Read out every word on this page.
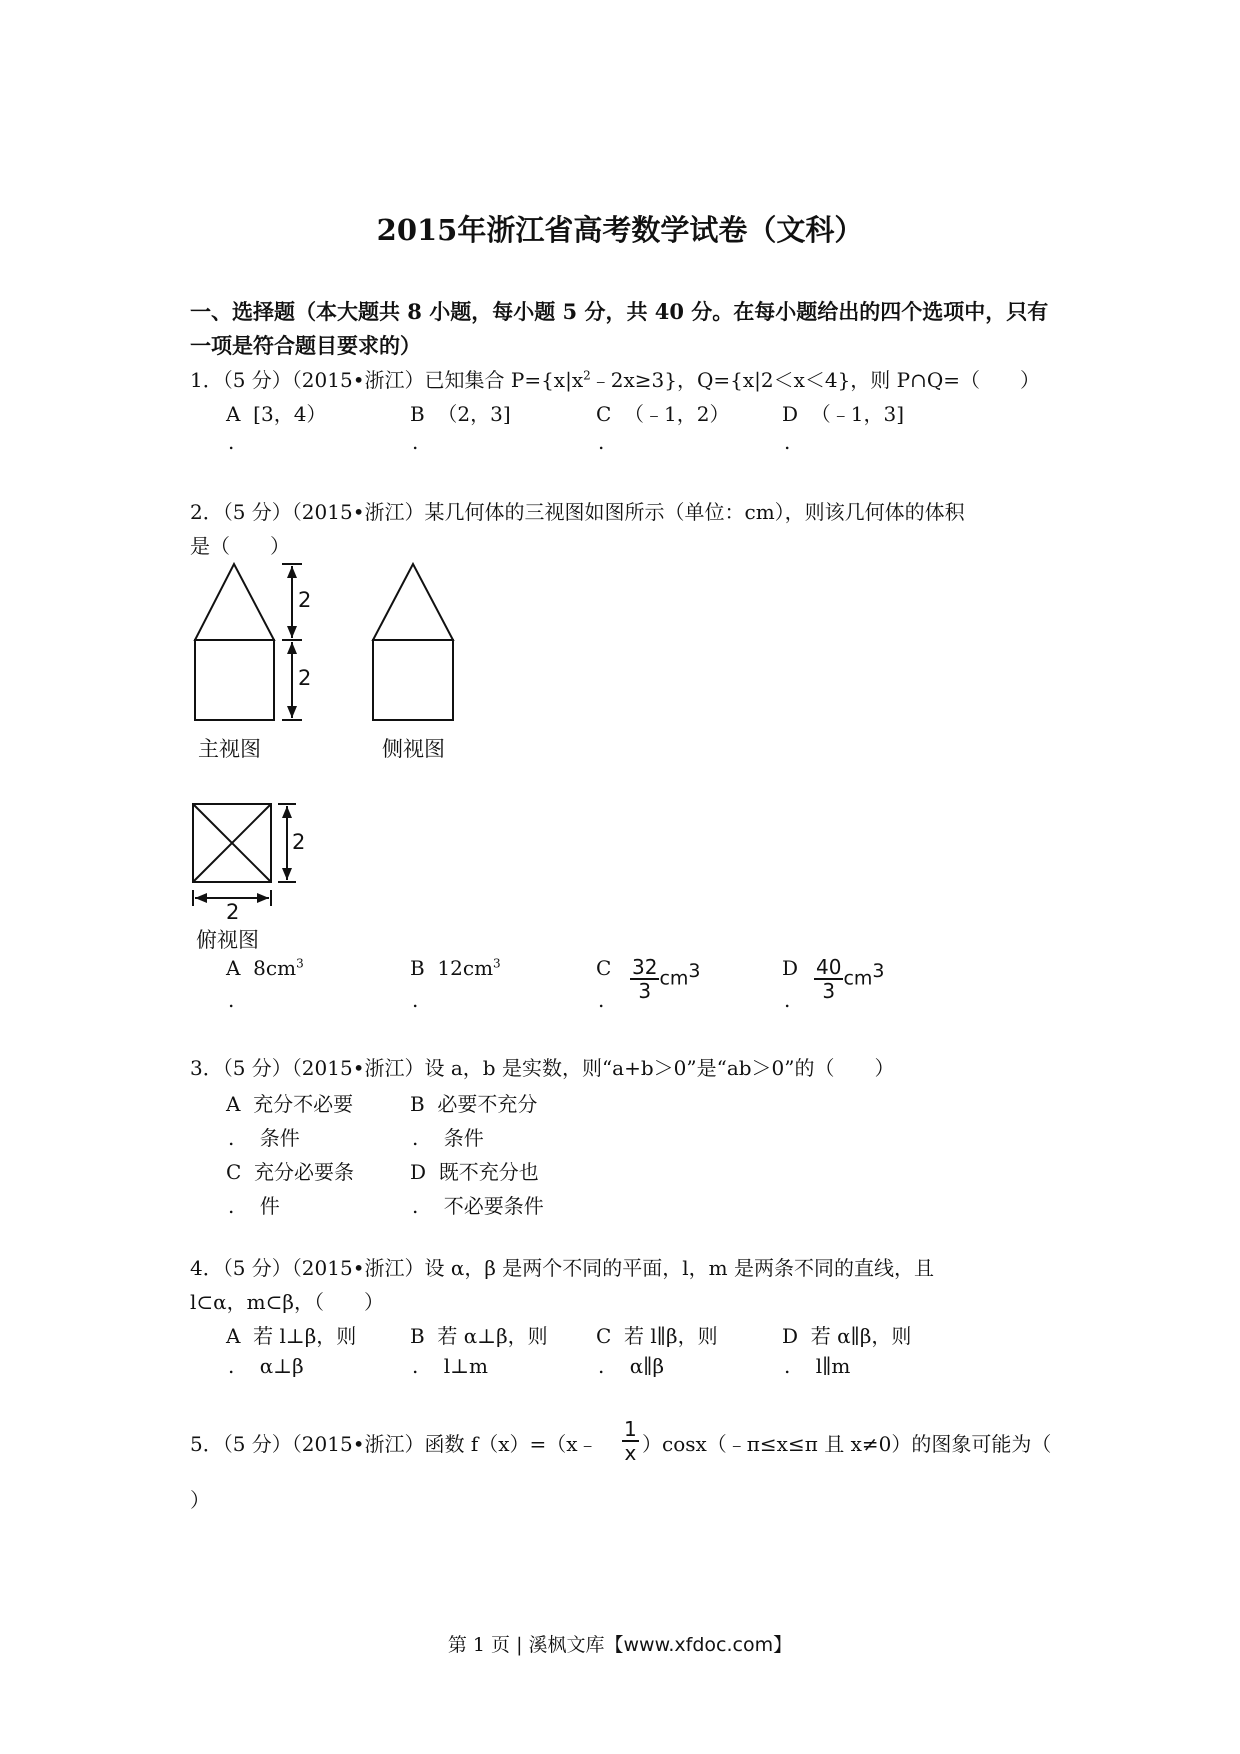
2015年浙江省高考数学试卷（文科）
一、选择题（本大题共 8 小题，每小题 5 分，共 40 分。在每小题给出的四个选项中，只有
一项是符合题目要求的）
1．（5 分）（2015•浙江）已知集合 $P=\{x|x^2﹣2x\ge 3\}$，Q={x|2＜x＜4}，则 P∩Q=（　　）
A [3，4）	B （2，3]	C （﹣1，2）	D （﹣1，3]
.	.	.	.
2．（5 分）（2015•浙江）某几何体的三视图如图所示（单位：cm），则该几何体的体积
是（　　）
2
2
2
2
主视图	侧视图
俯视图
A $8cm^3$	B $12cm^3$	C $\frac{32}{3} cm^3$	D $\frac{40}{3} cm^3$
.	.	.	.
3．（5 分）（2015•浙江）设 a，b 是实数，则“a+b＞0”是“ab＞0”的（　　）
A 充分不必要
. 条件
B 必要不充分
. 条件
C 充分必要条
. 件
D 既不充分也
. 不必要条件
4．（5 分）（2015•浙江）设 α，β 是两个不同的平面，l，m 是两条不同的直线，且
l⊂α，m⊂β，（　　）
A 若 l⊥β，则
. α⊥β
B 若 α⊥β，则
. l⊥m
C 若 l∥β，则
. α∥β
D 若 α∥β，则
. l∥m
5．（5 分）（2015•浙江）函数 f（x）=（x﹣ $\frac{1}{x}$ ）cosx（﹣π≤x≤π 且 x≠0）的图象可能为（
）
第 1 页 | 溪枫文库【www.xfdoc.com】
